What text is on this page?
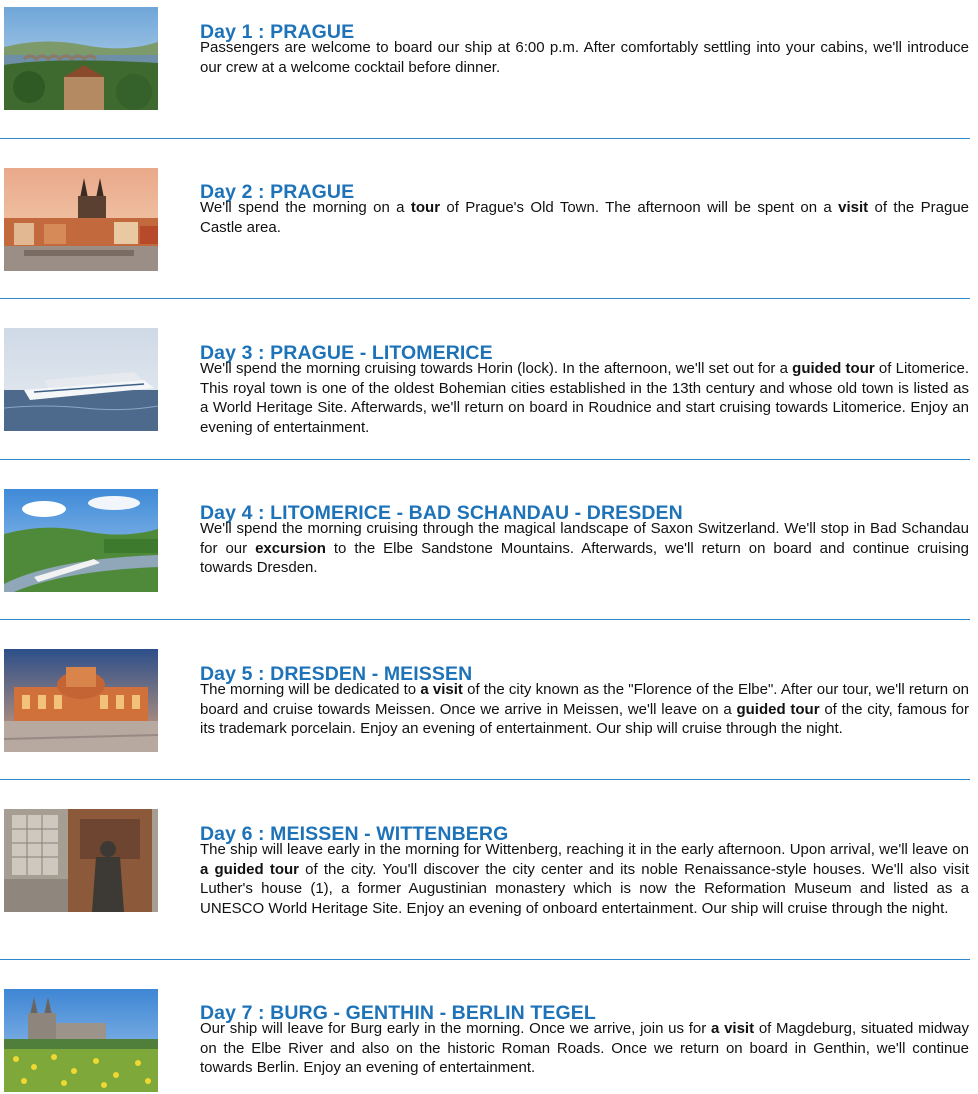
Day 1 : PRAGUE

Passengers are welcome to board our ship at 6:00 p.m. After comfortably settling into your cabins, we'll introduce our crew at a welcome cocktail before dinner.

Day 2 : PRAGUE

We'll spend the morning on a tour of Prague's Old Town. The afternoon will be spent on a visit of the Prague Castle area.

Day 3 : PRAGUE - LITOMERICE

We'll spend the morning cruising towards Horin (lock). In the afternoon, we'll set out for a guided tour of Litomerice. This royal town is one of the oldest Bohemian cities established in the 13th century and whose old town is listed as a World Heritage Site. Afterwards, we'll return on board in Roudnice and start cruising towards Litomerice. Enjoy an evening of entertainment.

Day 4 : LITOMERICE - BAD SCHANDAU - DRESDEN

We'll spend the morning cruising through the magical landscape of Saxon Switzerland. We'll stop in Bad Schandau for our excursion to the Elbe Sandstone Mountains. Afterwards, we'll return on board and continue cruising towards Dresden.

Day 5 : DRESDEN - MEISSEN

The morning will be dedicated to a visit of the city known as the "Florence of the Elbe". After our tour, we'll return on board and cruise towards Meissen. Once we arrive in Meissen, we'll leave on a guided tour of the city, famous for its trademark porcelain. Enjoy an evening of entertainment. Our ship will cruise through the night.

Day 6 : MEISSEN - WITTENBERG

The ship will leave early in the morning for Wittenberg, reaching it in the early afternoon. Upon arrival, we'll leave on a guided tour of the city. You'll discover the city center and its noble Renaissance-style houses. We'll also visit Luther's house (1), a former Augustinian monastery which is now the Reformation Museum and listed as a UNESCO World Heritage Site. Enjoy an evening of onboard entertainment. Our ship will cruise through the night.

Day 7 : BURG - GENTHIN - BERLIN TEGEL

Our ship will leave for Burg early in the morning. Once we arrive, join us for a visit of Magdeburg, situated midway on the Elbe River and also on the historic Roman Roads. Once we return on board in Genthin, we'll continue towards Berlin. Enjoy an evening of entertainment.
